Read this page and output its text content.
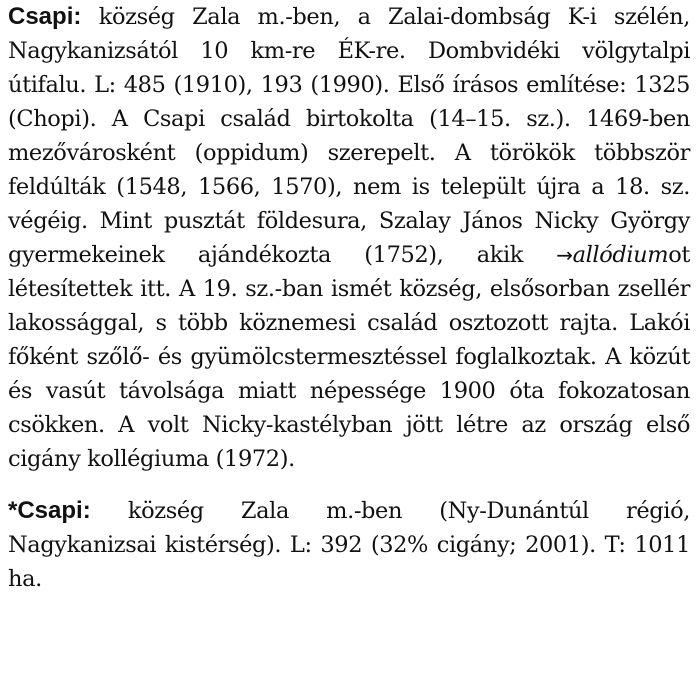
Csapi: község Zala m.-ben, a Zalai-dombság K-i szélén, Nagykanizsától 10 km-re ÉK-re. Dombvidéki völgytalpi útifalu. L: 485 (1910), 193 (1990). Első írásos említése: 1325 (Chopi). A Csapi család birtokolta (14–15. sz.). 1469-ben mezővárosként (oppidum) szerepelt. A törökök többször feldúlták (1548, 1566, 1570), nem is települt újra a 18. sz. végéig. Mint pusztát földesura, Szalay János Nicky György gyermekeinek ajándékozta (1752), akik →allódiumot létesítettek itt. A 19. sz.-ban ismét község, elsősorban zsellér lakossággal, s több köznemesi család osztozott rajta. Lakói főként szőlő- és gyümölcstermesztéssel foglalkoztak. A közút és vasút távolsága miatt népessége 1900 óta fokozatosan csökken. A volt Nicky-kastélyban jött létre az ország első cigány kollégiuma (1972).

*Csapi: község Zala m.-ben (Ny-Dunántúl régió, Nagykanizsai kistérség). L: 392 (32% cigány; 2001). T: 1011 ha.
